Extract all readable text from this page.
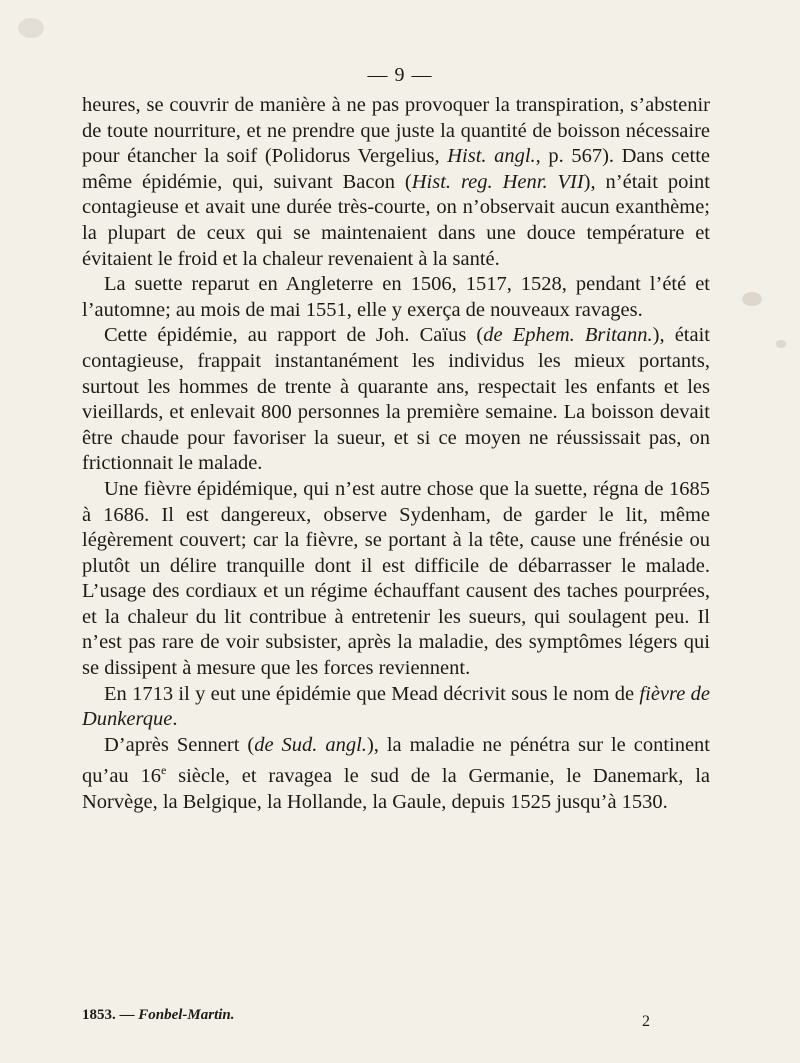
— 9 —

heures, se couvrir de manière à ne pas provoquer la transpiration, s’abstenir de toute nourriture, et ne prendre que juste la quantité de boisson nécessaire pour étancher la soif (Polidorus Vergelius, Hist. angl., p. 567). Dans cette même épidémie, qui, suivant Bacon (Hist. reg. Henr. VII), n’était point contagieuse et avait une durée très-courte, on n’observait aucun exanthème; la plupart de ceux qui se maintenaient dans une douce température et évitaient le froid et la chaleur revenaient à la santé.

La suette reparut en Angleterre en 1506, 1517, 1528, pendant l’été et l’automne; au mois de mai 1551, elle y exerça de nouveaux ravages.

Cette épidémie, au rapport de Joh. Caïus (de Ephem. Britann.), était contagieuse, frappait instantanément les individus les mieux portants, surtout les hommes de trente à quarante ans, respectait les enfants et les vieillards, et enlevait 800 personnes la première semaine. La boisson devait être chaude pour favoriser la sueur, et si ce moyen ne réussissait pas, on frictionnait le malade.

Une fièvre épidémique, qui n’est autre chose que la suette, régna de 1685 à 1686. Il est dangereux, observe Sydenham, de garder le lit, même légèrement couvert; car la fièvre, se portant à la tête, cause une frénésie ou plutôt un délire tranquille dont il est difficile de débarrasser le malade. L’usage des cordiaux et un régime échauffant causent des taches pourprées, et la chaleur du lit contribue à entretenir les sueurs, qui soulagent peu. Il n’est pas rare de voir subsister, après la maladie, des symptômes légers qui se dissipent à mesure que les forces reviennent.

En 1713 il y eut une épidémie que Mead décrivit sous le nom de fièvre de Dunkerque.

D’après Sennert (de Sud. angl.), la maladie ne pénétra sur le continent qu’au 16e siècle, et ravagea le sud de la Germanie, le Danemark, la Norvège, la Belgique, la Hollande, la Gaule, depuis 1525 jusqu’à 1530.

1853. — Fonbel-Martin.	2
